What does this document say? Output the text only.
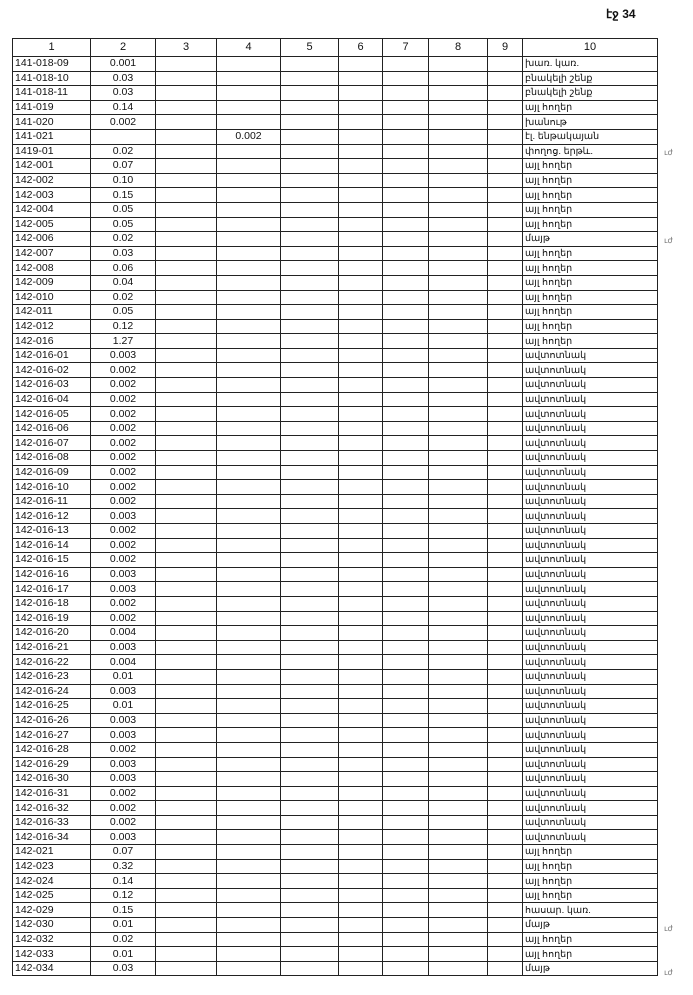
էջ 34
1	2	3	4	5	6	7	8	9	10
141-018-09	0.001								խառ. կառ.
141-018-10	0.03								բնակելի շենք
141-018-11	0.03								բնակելի շենք
141-019	0.14								այլ հողեր
141-020	0.002								խանութ
141-021			0.002						էլ. ենթակայան
1419-01	0.02								փողոց. երթև.
142-001	0.07								այլ հողեր
142-002	0.10								այլ հողեր
142-003	0.15								այլ հողեր
142-004	0.05								այլ հողեր
142-005	0.05								այլ հողեր
142-006	0.02								մայթ
142-007	0.03								այլ հողեր
142-008	0.06								այլ հողեր
142-009	0.04								այլ հողեր
142-010	0.02								այլ հողեր
142-011	0.05								այլ հողեր
142-012	0.12								այլ հողեր
142-016	1.27								այլ հողեր
142-016-01	0.003								ավտոտնակ
142-016-02	0.002								ավտոտնակ
142-016-03	0.002								ավտոտնակ
142-016-04	0.002								ավտոտնակ
142-016-05	0.002								ավտոտնակ
142-016-06	0.002								ավտոտնակ
142-016-07	0.002								ավտոտնակ
142-016-08	0.002								ավտոտնակ
142-016-09	0.002								ավտոտնակ
142-016-10	0.002								ավտոտնակ
142-016-11	0.002								ավտոտնակ
142-016-12	0.003								ավտոտնակ
142-016-13	0.002								ավտոտնակ
142-016-14	0.002								ավտոտնակ
142-016-15	0.002								ավտոտնակ
142-016-16	0.003								ավտոտնակ
142-016-17	0.003								ավտոտնակ
142-016-18	0.002								ավտոտնակ
142-016-19	0.002								ավտոտնակ
142-016-20	0.004								ավտոտնակ
142-016-21	0.003								ավտոտնակ
142-016-22	0.004								ավտոտնակ
142-016-23	0.01								ավտոտնակ
142-016-24	0.003								ավտոտնակ
142-016-25	0.01								ավտոտնակ
142-016-26	0.003								ավտոտնակ
142-016-27	0.003								ավտոտնակ
142-016-28	0.002								ավտոտնակ
142-016-29	0.003								ավտոտնակ
142-016-30	0.003								ավտոտնակ
142-016-31	0.002								ավտոտնակ
142-016-32	0.002								ավտոտնակ
142-016-33	0.002								ավտոտնակ
142-016-34	0.003								ավտոտնակ
142-021	0.07								այլ հողեր
142-023	0.32								այլ հողեր
142-024	0.14								այլ հողեր
142-025	0.12								այլ հողեր
142-029	0.15								հասար. կառ.
142-030	0.01								մայթ
142-032	0.02								այլ հողեր
142-033	0.01								այլ հողեր
142-034	0.03								մայթ
ւժ
ւժ
ւժ
ւժ
